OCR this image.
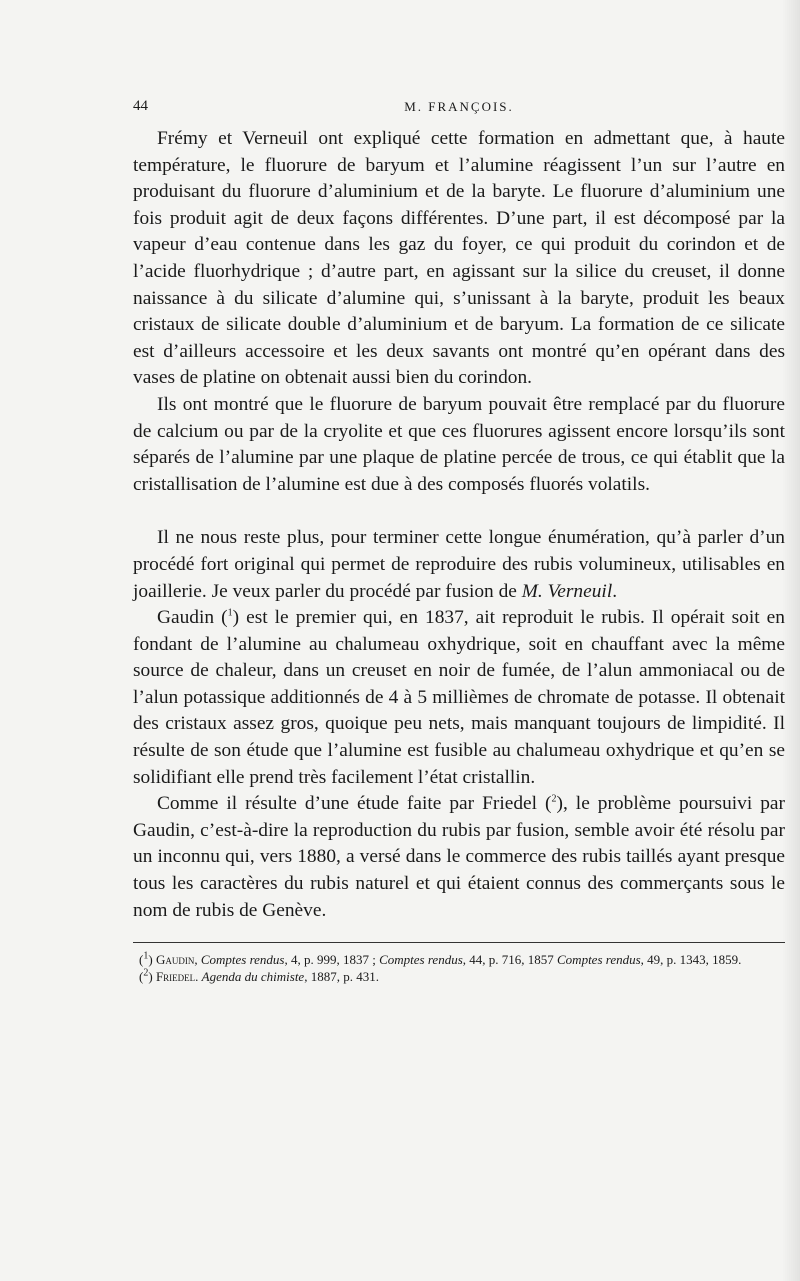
44	M. FRANÇOIS.

Frémy et Verneuil ont expliqué cette formation en admettant que, à haute température, le fluorure de baryum et l’alumine réagissent l’un sur l’autre en produisant du fluorure d’aluminium et de la baryte. Le fluorure d’aluminium une fois produit agit de deux façons différentes. D’une part, il est décomposé par la vapeur d’eau contenue dans les gaz du foyer, ce qui produit du corindon et de l’acide fluorhydrique ; d’autre part, en agissant sur la silice du creuset, il donne naissance à du silicate d’alumine qui, s’unissant à la baryte, produit les beaux cristaux de silicate double d’aluminium et de baryum. La formation de ce silicate est d’ailleurs accessoire et les deux savants ont montré qu’en opérant dans des vases de platine on obtenait aussi bien du corindon.

Ils ont montré que le fluorure de baryum pouvait être remplacé par du fluorure de calcium ou par de la cryolite et que ces fluorures agissent encore lorsqu’ils sont séparés de l’alumine par une plaque de platine percée de trous, ce qui établit que la cristallisation de l’alumine est due à des composés fluorés volatils.

Il ne nous reste plus, pour terminer cette longue énumération, qu’à parler d’un procédé fort original qui permet de reproduire des rubis volumineux, utilisables en joaillerie. Je veux parler du procédé par fusion de M. Verneuil.

Gaudin ($^1$) est le premier qui, en 1837, ait reproduit le rubis. Il opérait soit en fondant de l’alumine au chalumeau oxhydrique, soit en chauffant avec la même source de chaleur, dans un creuset en noir de fumée, de l’alun ammoniacal ou de l’alun potassique additionnés de 4 à 5 millièmes de chromate de potasse. Il obtenait des cristaux assez gros, quoique peu nets, mais manquant toujours de limpidité. Il résulte de son étude que l’alumine est fusible au chalumeau oxhydrique et qu’en se solidifiant elle prend très facilement l’état cristallin.

Comme il résulte d’une étude faite par Friedel ($^2$), le problème poursuivi par Gaudin, c’est-à-dire la reproduction du rubis par fusion, semble avoir été résolu par un inconnu qui, vers 1880, a versé dans le commerce des rubis taillés ayant presque tous les caractères du rubis naturel et qui étaient connus des commerçants sous le nom de rubis de Genève.

($^1$) Gaudin, Comptes rendus, 4, p. 999, 1837 ; Comptes rendus, 44, p. 716, 1857 Comptes rendus, 49, p. 1343, 1859.

($^2$) Friedel. Agenda du chimiste, 1887, p. 431.
